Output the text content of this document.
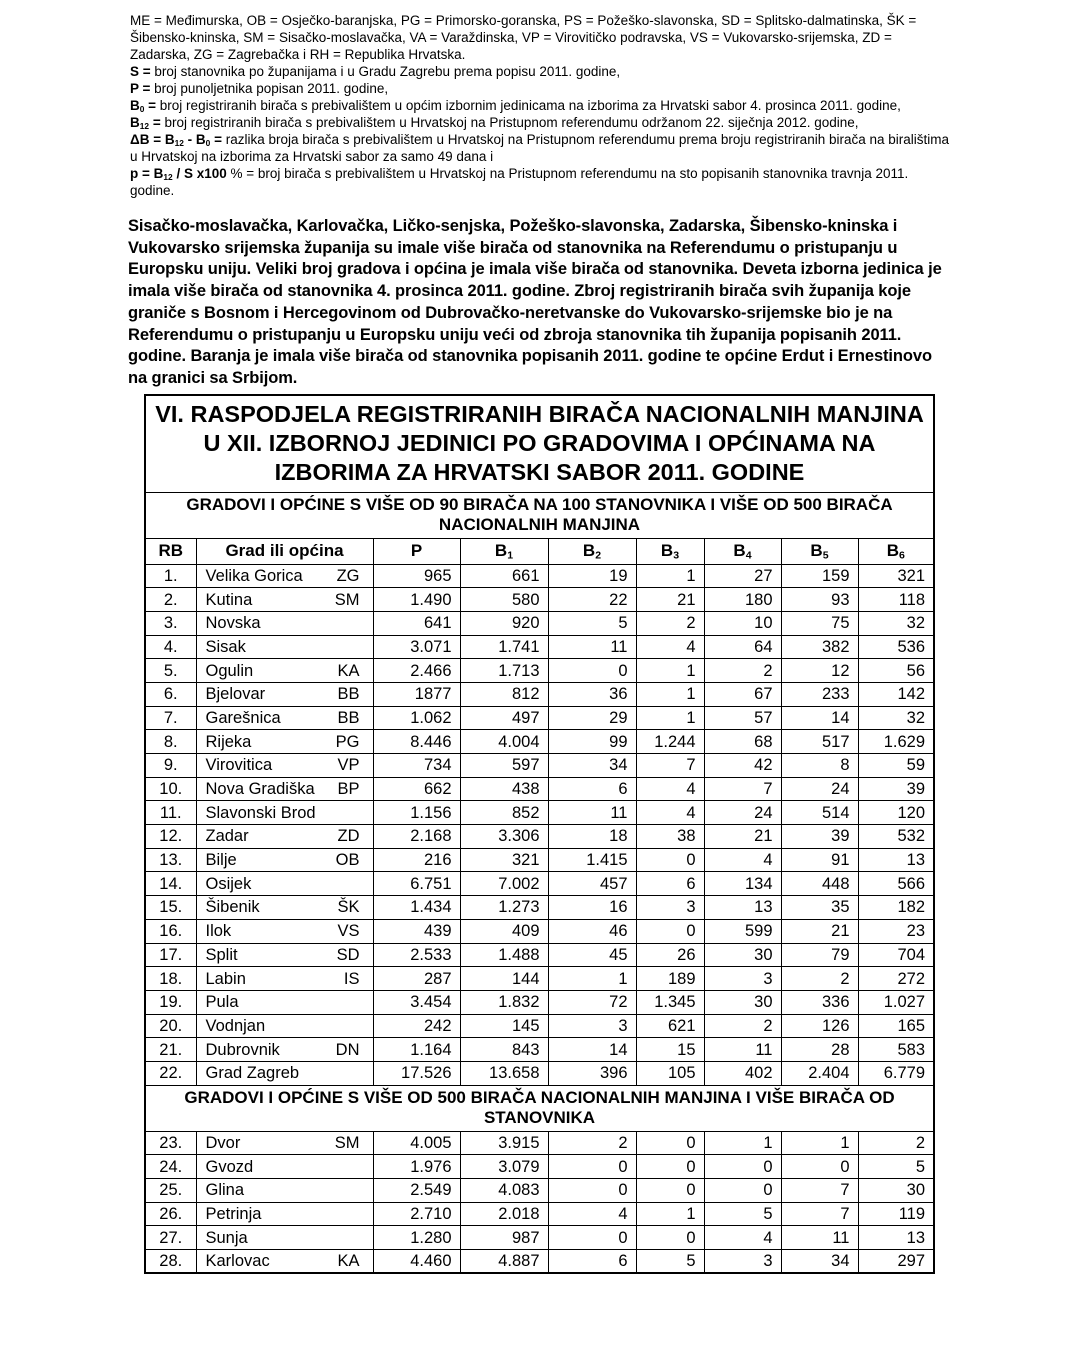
ME = Međimurska, OB = Osječko-baranjska, PG = Primorsko-goranska, PS = Požeško-slavonska, SD = Splitsko-dalmatinska, ŠK = Šibensko-kninska, SM = Sisačko-moslavačka, VA = Varaždinska, VP = Virovitičko podravska, VS = Vukovarsko-srijemska, ZD = Zadarska, ZG = Zagrebačka i RH = Republika Hrvatska.

S = broj stanovnika po županijama i u Gradu Zagrebu prema popisu 2011. godine,

P = broj punoljetnika popisan 2011. godine,

$B_0$ = broj registriranih birača s prebivalištem u općim izbornim jedinicama na izborima za Hrvatski sabor 4. prosinca 2011. godine,

$B_{12}$ = broj registriranih birača s prebivalištem u Hrvatskoj na Pristupnom referendumu održanom 22. siječnja 2012. godine,

$\Delta B = B_{12} - B_0$ = razlika broja birača s prebivalištem u Hrvatskoj na Pristupnom referendumu prema broju registriranih birača na biralištima u Hrvatskoj na izborima za Hrvatski sabor za samo 49 dana i

$p = B_{12} / S$ x100 % = broj birača s prebivalištem u Hrvatskoj na Pristupnom referendumu na sto popisanih stanovnika travnja 2011. godine.

Sisačko-moslavačka, Karlovačka, Ličko-senjska, Požeško-slavonska, Zadarska, Šibensko-kninska i Vukovarsko srijemska županija su imale više birača od stanovnika na Referendumu o pristupanju u Europsku uniju. Veliki broj gradova i općina je imala više birača od stanovnika. Deveta izborna jedinica je imala više birača od stanovnika 4. prosinca 2011. godine. Zbroj registriranih birača svih županija koje graniče s Bosnom i Hercegovinom od Dubrovačko-neretvanske do Vukovarsko-srijemske bio je na Referendumu o pristupanju u Europsku uniju veći od zbroja stanovnika tih županija popisanih 2011. godine. Baranja je imala više birača od stanovnika popisanih 2011. godine te općine Erdut i Ernestinovo na granici sa Srbijom.
VI. RASPODJELA REGISTRIRANIH BIRAČA NACIONALNIH MANJINA U XII. IZBORNOJ JEDINICI PO GRADOVIMA I OPĆINAMA NA IZBORIMA ZA HRVATSKI SABOR 2011. GODINE								

GRADOVI I OPĆINE S VIŠE OD 90 BIRAČA NA 100 STANOVNIKA I VIŠE OD 500 BIRAČA NACIONALNIH MANJINA								

RB	Grad ili općina	P	$B_1$	$B_2$	$B_3$	$B_4$	$B_5$	$B_6$
1.	Velika Gorica ZG	965	661	19	1	27	159	321
2.	Kutina SM	1.490	580	22	21	180	93	118
3.	Novska	641	920	5	2	10	75	32
4.	Sisak	3.071	1.741	11	4	64	382	536
5.	Ogulin KA	2.466	1.713	0	1	2	12	56
6.	Bjelovar BB	1877	812	36	1	67	233	142
7.	Garešnica BB	1.062	497	29	1	57	14	32
8.	Rijeka PG	8.446	4.004	99	1.244	68	517	1.629
9.	Virovitica VP	734	597	34	7	42	8	59
10.	Nova Gradiška BP	662	438	6	4	7	24	39
11.	Slavonski Brod	1.156	852	11	4	24	514	120
12.	Zadar ZD	2.168	3.306	18	38	21	39	532
13.	Bilje OB	216	321	1.415	0	4	91	13
14.	Osijek	6.751	7.002	457	6	134	448	566
15.	Šibenik ŠK	1.434	1.273	16	3	13	35	182
16.	Ilok VS	439	409	46	0	599	21	23
17.	Split SD	2.533	1.488	45	26	30	79	704
18.	Labin IS	287	144	1	189	3	2	272
19.	Pula	3.454	1.832	72	1.345	30	336	1.027
20.	Vodnjan	242	145	3	621	2	126	165
21.	Dubrovnik DN	1.164	843	14	15	11	28	583
22.	Grad Zagreb	17.526	13.658	396	105	402	2.404	6.779

GRADOVI I OPĆINE S VIŠE OD 500 BIRAČA NACIONALNIH MANJINA I VIŠE BIRAČA OD STANOVNIKA								

23.	Dvor SM	4.005	3.915	2	0	1	1	2
24.	Gvozd	1.976	3.079	0	0	0	0	5
25.	Glina	2.549	4.083	0	0	0	7	30
26.	Petrinja	2.710	2.018	4	1	5	7	119
27.	Sunja	1.280	987	0	0	4	11	13
28.	Karlovac KA	4.460	4.887	6	5	3	34	297
